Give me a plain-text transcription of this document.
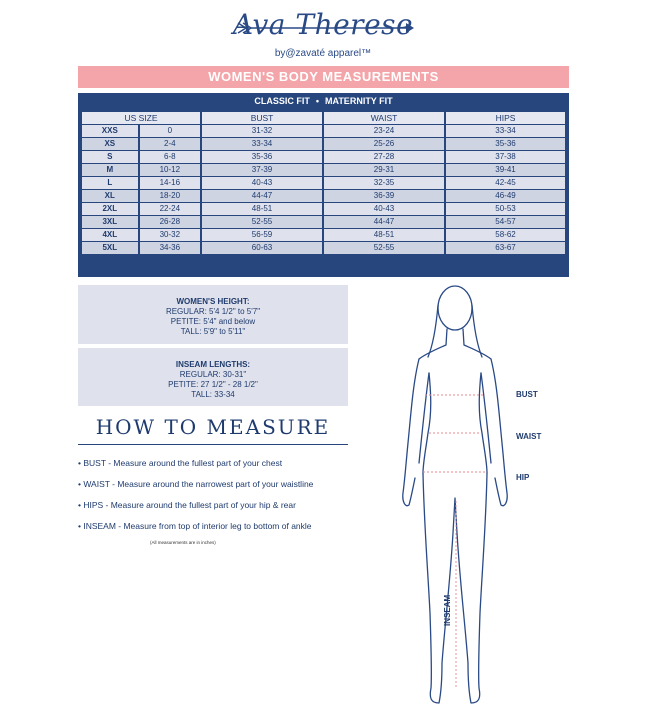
Ava Therese
by@zavaté apparel™
WOMEN'S BODY MEASUREMENTS
CLASSIC FIT • MATERNITY FIT
US SIZE		BUST	WAIST	HIPS
XXS	0	31-32	23-24	33-34
XS	2-4	33-34	25-26	35-36
S	6-8	35-36	27-28	37-38
M	10-12	37-39	29-31	39-41
L	14-16	40-43	32-35	42-45
XL	18-20	44-47	36-39	46-49
2XL	22-24	48-51	40-43	50-53
3XL	26-28	52-55	44-47	54-57
4XL	30-32	56-59	48-51	58-62
5XL	34-36	60-63	52-55	63-67
WOMEN'S HEIGHT:
REGULAR: 5'4 1/2" to 5'7"
PETITE: 5'4" and below
TALL: 5'9" to 5'11"
INSEAM LENGTHS:
REGULAR: 30-31"
PETITE: 27 1/2" - 28 1/2"
TALL: 33-34
HOW TO MEASURE
• BUST - Measure around the fullest part of your chest
• WAIST - Measure around the narrowest part of your waistline
• HIPS - Measure around the fullest part of your hip & rear
• INSEAM - Measure from top of interior leg to bottom of ankle
(All measurements are in inches)
BUST
WAIST
HIP
INSEAM
